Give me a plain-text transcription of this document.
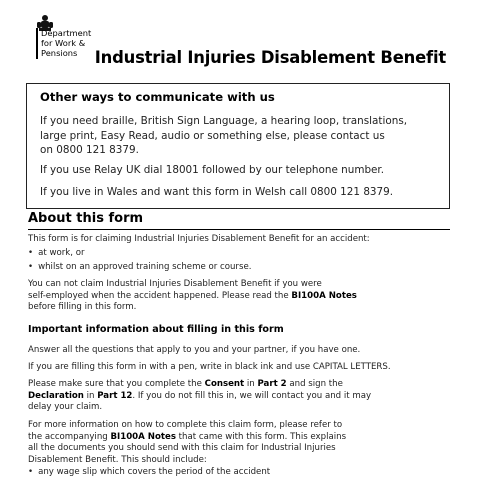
Department
for Work &
Pensions	Industrial Injuries Disablement Benefit
Other ways to communicate with us

If you need braille, British Sign Language, a hearing loop, translations,
large print, Easy Read, audio or something else, please contact us
on 0800 121 8379.

If you use Relay UK dial 18001 followed by our telephone number.

If you live in Wales and want this form in Welsh call 0800 121 8379.

About this form
This form is for claiming Industrial Injuries Disablement Benefit for an accident:
• at work, or
• whilst on an approved training scheme or course.
You can not claim Industrial Injuries Disablement Benefit if you were
self-employed when the accident happened. Please read the BI100A Notes
before filling in this form.
Important information about filling in this form
Answer all the questions that apply to you and your partner, if you have one.
If you are filling this form in with a pen, write in black ink and use CAPITAL LETTERS.
Please make sure that you complete the Consent in Part 2 and sign the
Declaration in Part 12. If you do not fill this in, we will contact you and it may
delay your claim.
For more information on how to complete this claim form, please refer to
the accompanying BI100A Notes that came with this form. This explains
all the documents you should send with this claim for Industrial Injuries
Disablement Benefit. This should include:
• any wage slip which covers the period of the accident
